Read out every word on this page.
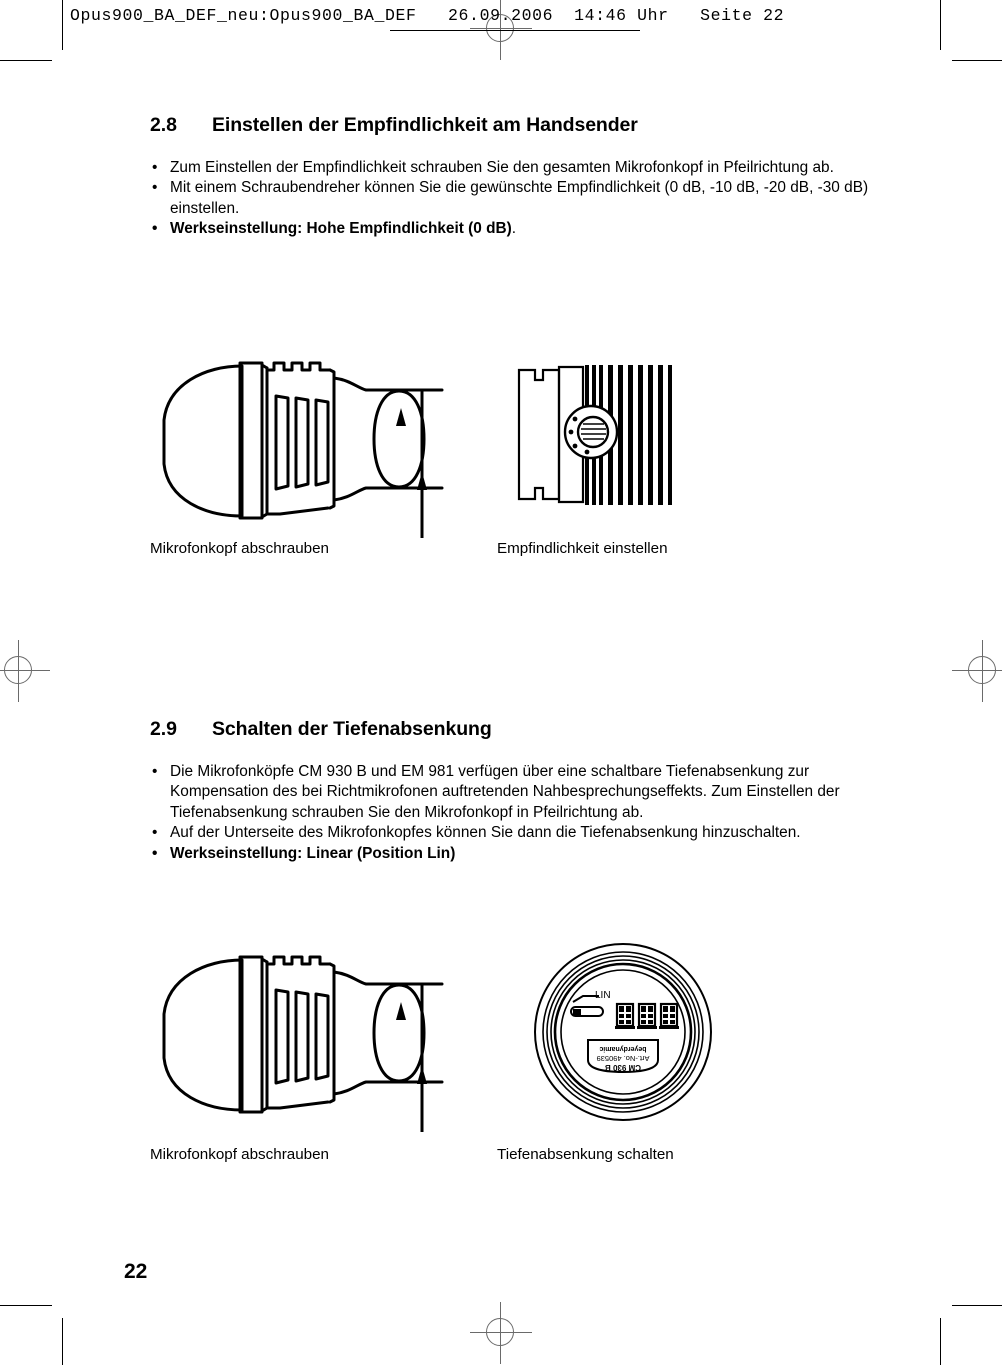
Opus900_BA_DEF_neu:Opus900_BA_DEF   26.09.2006  14:46 Uhr   Seite 22
2.8 Einstellen der Empfindlichkeit am Handsender
• Zum Einstellen der Empfindlichkeit schrauben Sie den gesamten Mikrofonkopf in Pfeilrichtung ab.
• Mit einem Schraubendreher können Sie die gewünschte Empfindlichkeit (0 dB, -10 dB, -20 dB, -30 dB) einstellen.
• Werkseinstellung: Hohe Empfindlichkeit (0 dB).
Mikrofonkopf abschrauben	Empfindlichkeit einstellen
2.9 Schalten der Tiefenabsenkung
• Die Mikrofonköpfe CM 930 B und EM 981 verfügen über eine schaltbare Tiefenabsenkung zur Kompensation des bei Richtmikrofonen auftretenden Nahbesprechungseffekts. Zum Einstellen der Tiefenabsenkung schrauben Sie den Mikrofonkopf in Pfeilrichtung ab.
• Auf der Unterseite des Mikrofonkopfes können Sie dann die Tiefenabsenkung hinzuschalten.
• Werkseinstellung: Linear (Position Lin)
LIN
CM 930 B
Art.-No. 490539
beyerdynamic
Mikrofonkopf abschrauben	Tiefenabsenkung schalten
22
